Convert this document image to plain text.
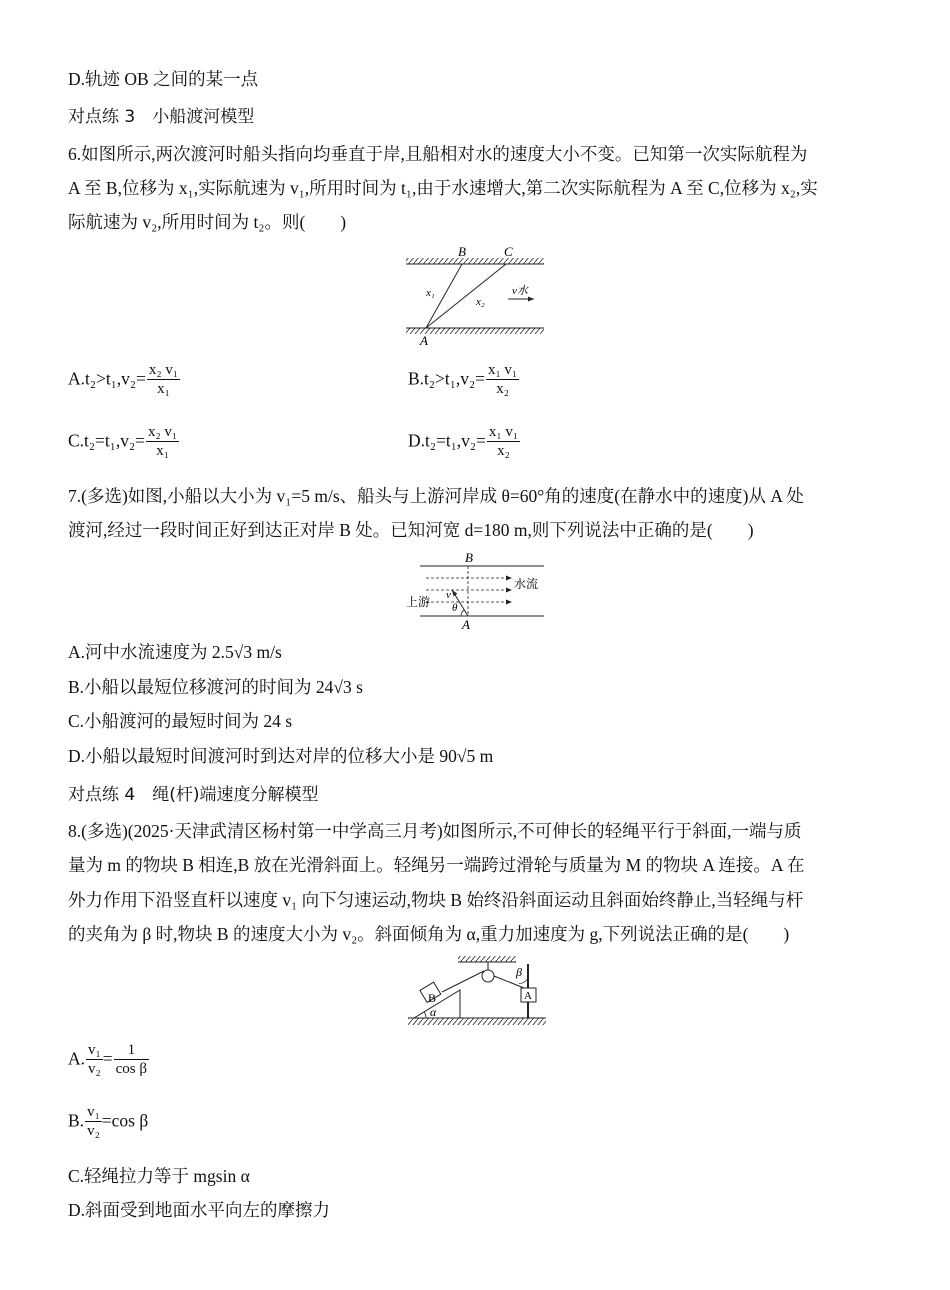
D.轨迹 OB 之间的某一点
对点练 3　小船渡河模型
6.如图所示,两次渡河时船头指向均垂直于岸,且船相对水的速度大小不变。已知第一次实际航程为
A 至 B,位移为 x₁,实际航速为 v₁,所用时间为 t₁,由于水速增大,第二次实际航程为 A 至 C,位移为 x₂,实
际航速为 v₂,所用时间为 t₂。则(　　)
B	C
A
x₁
x₂
v水
$A.t_2>t_1,v_2= \frac{\text{x₂ v₁}}{\text{x₁}}$	$B.t_2>t_1,v_2= \frac{\text{x₁ v₁}}{\text{x₂}}$
$C.t_2=t_1,v_2= \frac{\text{x₂ v₁}}{\text{x₁}}$	$D.t_2=t_1,v_2= \frac{\text{x₁ v₁}}{\text{x₂}}$
7.(多选)如图,小船以大小为 v₁=5 m/s、船头与上游河岸成 θ=60°角的速度(在静水中的速度)从 A 处
渡河,经过一段时间正好到达正对岸 B 处。已知河宽 d=180 m,则下列说法中正确的是(　　)
B
A
水流
上游 v
θ
A.河中水流速度为 2.5√3 m/s
B.小船以最短位移渡河的时间为 24√3 s
C.小船渡河的最短时间为 24 s
D.小船以最短时间渡河时到达对岸的位移大小是 90√5 m
对点练 4　绳(杆)端速度分解模型
8.(多选)(2025·天津武清区杨村第一中学高三月考)如图所示,不可伸长的轻绳平行于斜面,一端与质
量为 m 的物块 B 相连,B 放在光滑斜面上。轻绳另一端跨过滑轮与质量为 M 的物块 A 连接。A 在
外力作用下沿竖直杆以速度 v₁ 向下匀速运动,物块 B 始终沿斜面运动且斜面始终静止,当轻绳与杆
的夹角为 β 时,物块 B 的速度大小为 v₂。斜面倾角为 α,重力加速度为 g,下列说法正确的是(　　)
B	A
α
β
A. $\frac{\text{v₁}}{\text{v₂}} = \frac{1}{\text{cos β}}$
B. $\frac{\text{v₁}}{\text{v₂}} =\cos$ β
C.轻绳拉力等于 mgsin α
D.斜面受到地面水平向左的摩擦力
